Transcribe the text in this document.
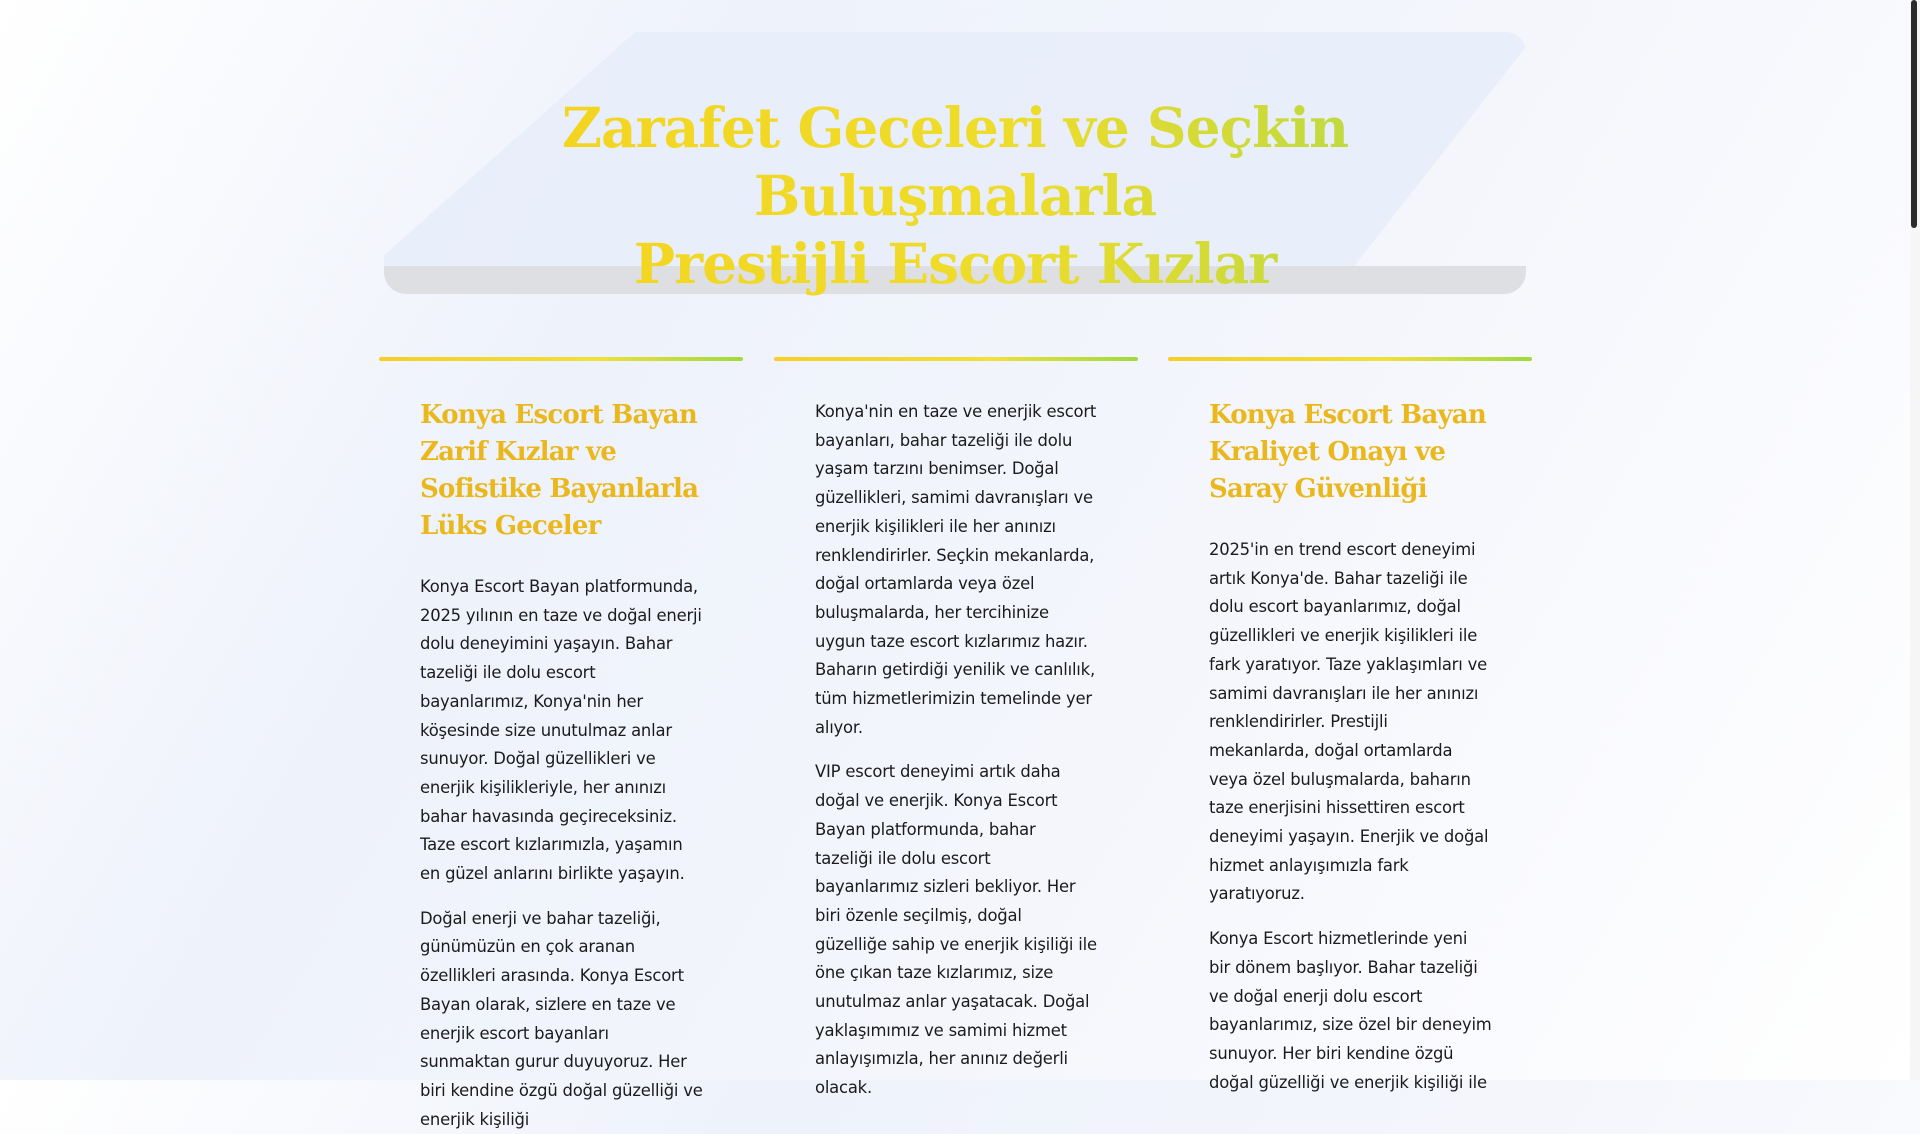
Zarafet Geceleri ve Seçkin Buluşmalarla
Prestijli Escort Kızlar
Konya Escort Bayan Zarif Kızlar ve Sofistike Bayanlarla Lüks Geceler

Konya Escort Bayan platformunda, 2025 yılının en taze ve doğal enerji dolu deneyimini yaşayın. Bahar tazeliği ile dolu escort bayanlarımız, Konya'nin her köşesinde size unutulmaz anlar sunuyor. Doğal güzellikleri ve enerjik kişilikleriyle, her anınızı bahar havasında geçireceksiniz. Taze escort kızlarımızla, yaşamın en güzel anlarını birlikte yaşayın.

Doğal enerji ve bahar tazeliği, günümüzün en çok aranan özellikleri arasında. Konya Escort Bayan olarak, sizlere en taze ve enerjik escort bayanları sunmaktan gurur duyuyoruz. Her biri kendine özgü doğal güzelliği ve enerjik kişiliği

Konya'nin en taze ve enerjik escort bayanları, bahar tazeliği ile dolu yaşam tarzını benimser. Doğal güzellikleri, samimi davranışları ve enerjik kişilikleri ile her anınızı renklendirirler. Seçkin mekanlarda, doğal ortamlarda veya özel buluşmalarda, her tercihinize uygun taze escort kızlarımız hazır. Baharın getirdiği yenilik ve canlılık, tüm hizmetlerimizin temelinde yer alıyor.

VIP escort deneyimi artık daha doğal ve enerjik. Konya Escort Bayan platformunda, bahar tazeliği ile dolu escort bayanlarımız sizleri bekliyor. Her biri özenle seçilmiş, doğal güzelliğe sahip ve enerjik kişiliği ile öne çıkan taze kızlarımız, size unutulmaz anlar yaşatacak. Doğal yaklaşımımız ve samimi hizmet anlayışımızla, her anınız değerli olacak.

Konya Escort Bayan Kraliyet Onayı ve Saray Güvenliği

2025'in en trend escort deneyimi artık Konya'de. Bahar tazeliği ile dolu escort bayanlarımız, doğal güzellikleri ve enerjik kişilikleri ile fark yaratıyor. Taze yaklaşımları ve samimi davranışları ile her anınızı renklendirirler. Prestijli mekanlarda, doğal ortamlarda veya özel buluşmalarda, baharın taze enerjisini hissettiren escort deneyimi yaşayın. Enerjik ve doğal hizmet anlayışımızla fark yaratıyoruz.

Konya Escort hizmetlerinde yeni bir dönem başlıyor. Bahar tazeliği ve doğal enerji dolu escort bayanlarımız, size özel bir deneyim sunuyor. Her biri kendine özgü doğal güzelliği ve enerjik kişiliği ile
